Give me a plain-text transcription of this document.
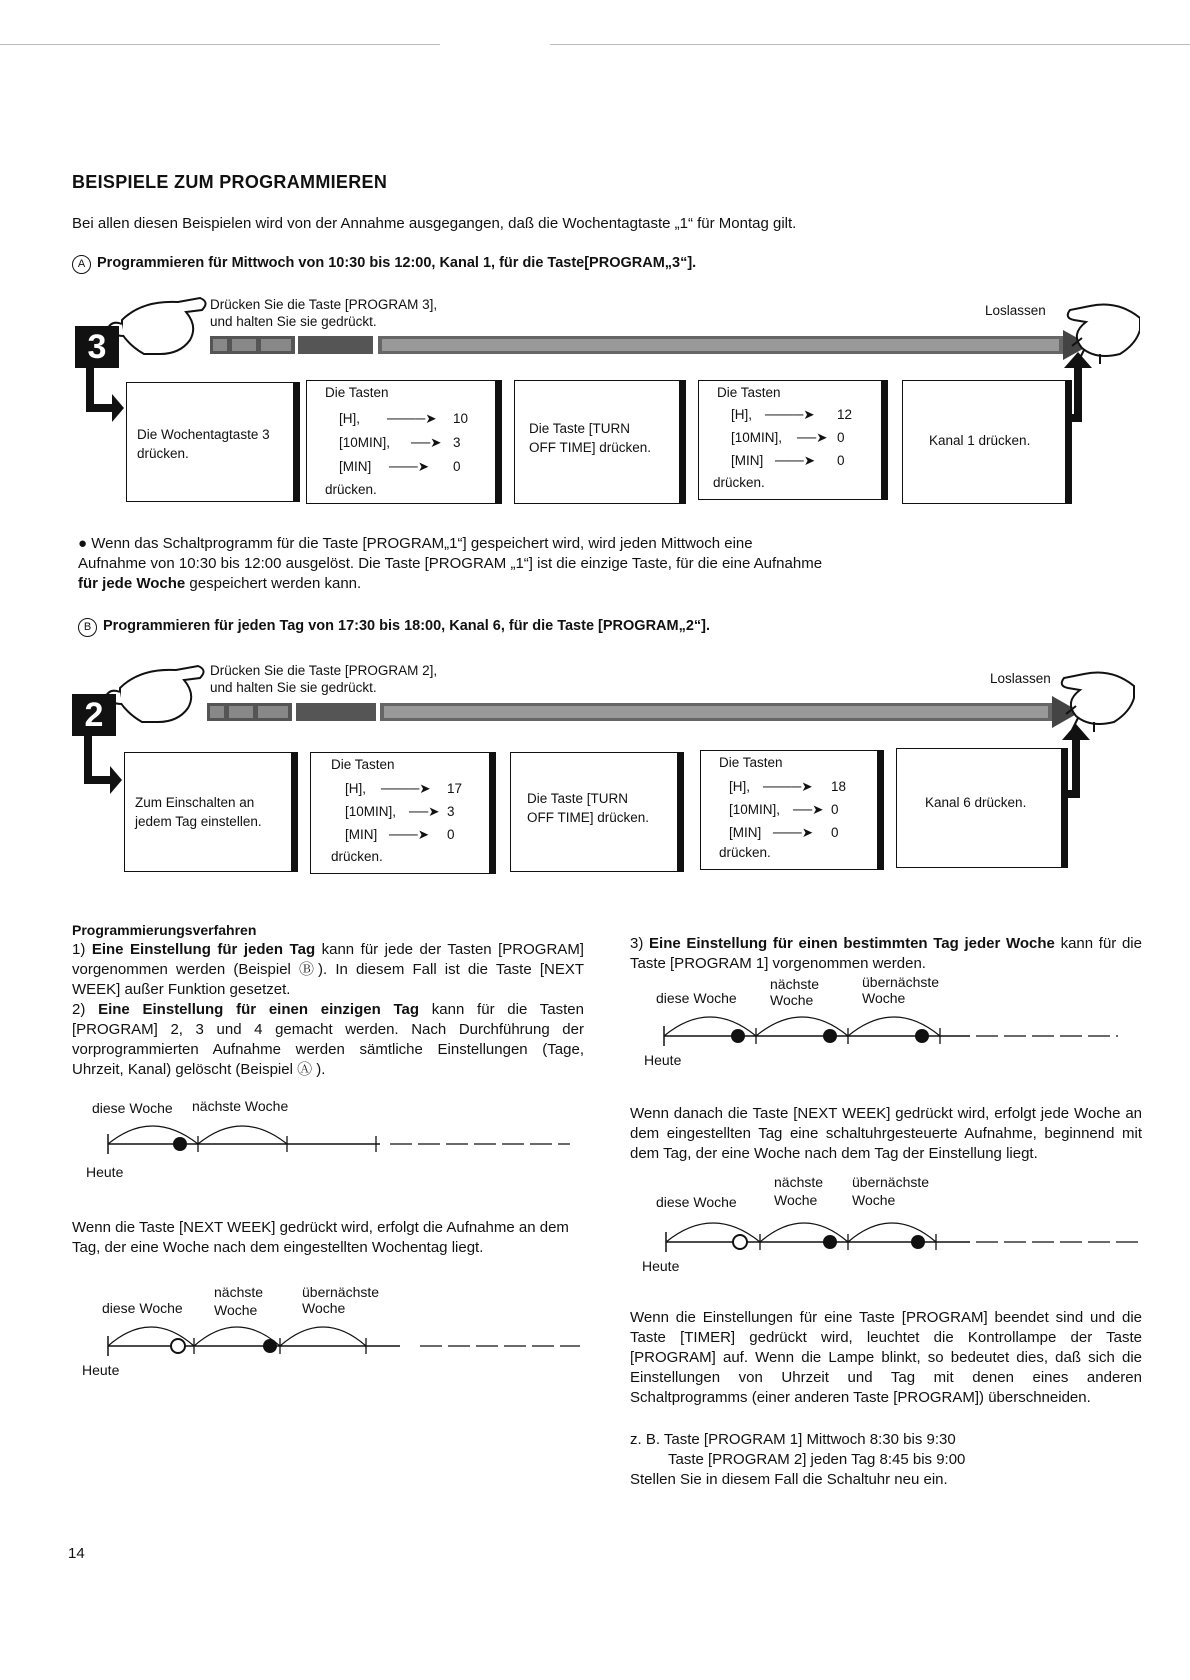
BEISPIELE ZUM PROGRAMMIEREN
Bei allen diesen Beispielen wird von der Annahme ausgegangen, daß die Wochentagtaste „1“ für Montag gilt.
A Programmieren für Mittwoch von 10:30 bis 12:00, Kanal 1, für die Taste[PROGRAM„3“].
3
Drücken Sie die Taste [PROGRAM 3],
und halten Sie sie gedrückt.
Loslassen
Die Wochentagtaste 3
drücken.
Die Tasten
[H], ────➤ 10
[10MIN], ──➤ 3
[MIN] ───➤ 0
drücken.
Die Taste [TURN
OFF TIME] drücken.
Die Tasten
[H], ────➤ 12
[10MIN], ──➤ 0
[MIN] ───➤ 0
drücken.
Kanal 1 drücken.
● Wenn das Schaltprogramm für die Taste [PROGRAM„1“] gespeichert wird, wird jeden Mittwoch eine
Aufnahme von 10:30 bis 12:00 ausgelöst. Die Taste [PROGRAM „1“] ist die einzige Taste, für die eine Aufnahme
für jede Woche gespeichert werden kann.
B Programmieren für jeden Tag von 17:30 bis 18:00, Kanal 6, für die Taste [PROGRAM„2“].
2
Drücken Sie die Taste [PROGRAM 2],
und halten Sie sie gedrückt.
Loslassen
Zum Einschalten an
jedem Tag einstellen.
Die Tasten
[H], ────➤ 17
[10MIN], ──➤ 3
[MIN] ───➤ 0
drücken.
Die Taste [TURN
OFF TIME] drücken.
Die Tasten
[H], ────➤ 18
[10MIN], ──➤ 0
[MIN] ───➤ 0
drücken.
Kanal 6 drücken.
Programmierungsverfahren
1) Eine Einstellung für jeden Tag kann für jede der Tasten [PROGRAM] vorgenommen werden (Beispiel Ⓑ). In diesem Fall ist die Taste [NEXT WEEK] außer Funktion gesetzet.
2) Eine Einstellung für einen einzigen Tag kann für die Tasten [PROGRAM] 2, 3 und 4 gemacht werden. Nach Durchführung der vorprogrammierten Aufnahme werden sämtliche Einstellungen (Tage, Uhrzeit, Kanal) gelöscht (Beispiel Ⓐ ).
diese Woche nächste Woche
Heute
Wenn die Taste [NEXT WEEK] gedrückt wird, erfolgt die Aufnahme an dem Tag, der eine Woche nach dem eingestellten Wochentag liegt.
nächste	übernächste
diese Woche Woche	Woche
Heute
3) Eine Einstellung für einen bestimmten Tag jeder Woche kann für die Taste [PROGRAM 1] vorgenommen werden.
nächste	übernächste
diese Woche Woche	Woche
Heute
Wenn danach die Taste [NEXT WEEK] gedrückt wird, erfolgt jede Woche an dem eingestellten Tag eine schaltuhrgesteuerte Aufnahme, beginnend mit dem Tag, der eine Woche nach dem Tag der Einstellung liegt.
nächste übernächste
diese Woche	Woche Woche
Heute
Wenn die Einstellungen für eine Taste [PROGRAM] beendet sind und die Taste [TIMER] gedrückt wird, leuchtet die Kontrollampe der Taste [PROGRAM] auf. Wenn die Lampe blinkt, so bedeutet dies, daß sich die Einstellungen von Uhrzeit und Tag mit denen eines anderen Schaltprogramms (einer anderen Taste [PROGRAM]) überschneiden.
z. B. Taste [PROGRAM 1] Mittwoch 8:30 bis 9:30
Taste [PROGRAM 2] jeden Tag 8:45 bis 9:00
Stellen Sie in diesem Fall die Schaltuhr neu ein.
14
